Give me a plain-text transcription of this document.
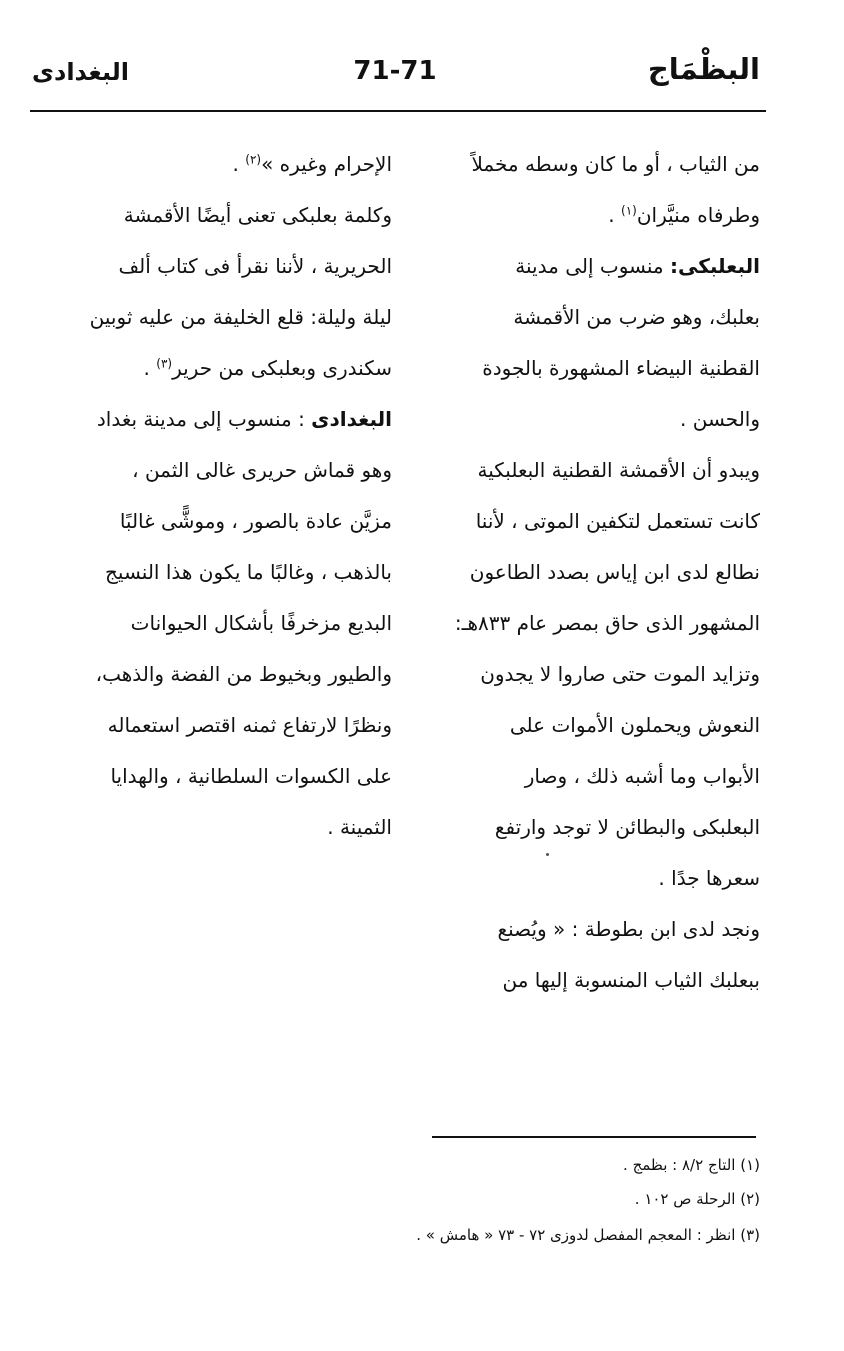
البظْمَاج
71-71
البغدادى
من الثياب ، أو ما كان وسطه مخملاً
وطرفاه منيَّران$^{(١)}$ .
البعلبكى: منسوب إلى مدينة
بعلبك، وهو ضرب من الأقمشة
القطنية البيضاء المشهورة بالجودة
والحسن .
ويبدو أن الأقمشة القطنية البعلبكية
كانت تستعمل لتكفين الموتى ، لأننا
نطالع لدى ابن إياس بصدد الطاعون
المشهور الذى حاق بمصر عام ٨٣٣هـ:
وتزايد الموت حتى صاروا لا يجدون
النعوش ويحملون الأموات على
الأبواب وما أشبه ذلك ، وصار
البعلبكى والبطائن لا توجد وارتفع
سعرها جدًا .
ونجد لدى ابن بطوطة : « ويُصنع
ببعلبك الثياب المنسوبة إليها من
الإحرام وغيره »$^{(٢)}$ .
وكلمة بعلبكى تعنى أيضًا الأقمشة
الحريرية ، لأننا نقرأ فى كتاب ألف
ليلة وليلة: قلع الخليفة من عليه ثوبين
سكندرى وبعلبكى من حرير$^{(٣)}$ .
البغدادى : منسوب إلى مدينة بغداد
وهو قماش حريرى غالى الثمن ،
مزيَّن عادة بالصور ، وموشًّى غالبًا
بالذهب ، وغالبًا ما يكون هذا النسيج
البديع مزخرفًا بأشكال الحيوانات
والطيور وبخيوط من الفضة والذهب،
ونظرًا لارتفاع ثمنه اقتصر استعماله
على الكسوات السلطانية ، والهدايا
الثمينة .
(١) التاج ٨/٢ : بظمج .
(٢) الرحلة ص ١٠٢ .
(٣) انظر : المعجم المفصل لدوزى ٧٢ - ٧٣ « هامش » .
